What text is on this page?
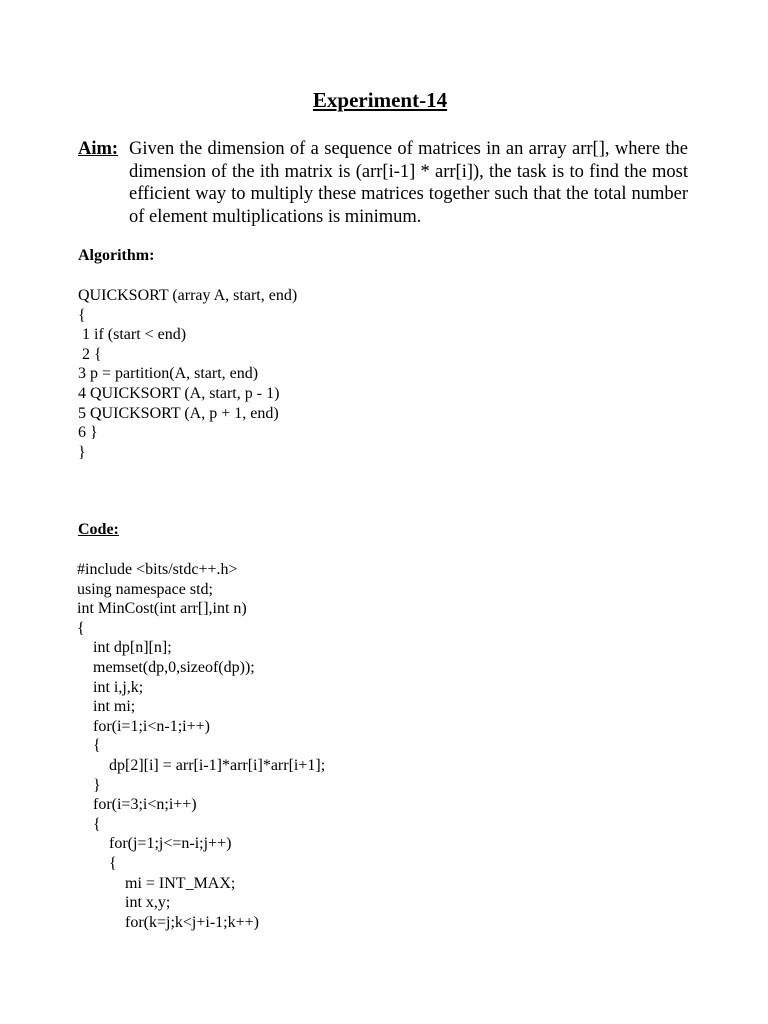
Experiment-14
Aim: Given the dimension of a sequence of matrices in an array arr[], where the dimension of the ith matrix is (arr[i-1] * arr[i]), the task is to find the most efficient way to multiply these matrices together such that the total number of element multiplications is minimum.
Algorithm:
QUICKSORT (array A, start, end)
{
1 if (start < end)
2 {
3 p = partition(A, start, end)
4 QUICKSORT (A, start, p - 1)
5 QUICKSORT (A, p + 1, end)
6 }
}
Code:
#include <bits/stdc++.h>
using namespace std;
int MinCost(int arr[],int n)
{
int dp[n][n];
memset(dp,0,sizeof(dp));
int i,j,k;
int mi;
for(i=1;i<n-1;i++)
{
dp[2][i] = arr[i-1]*arr[i]*arr[i+1];
}
for(i=3;i<n;i++)
{
for(j=1;j<=n-i;j++)
{
mi = INT_MAX;
int x,y;
for(k=j;k<j+i-1;k++)
